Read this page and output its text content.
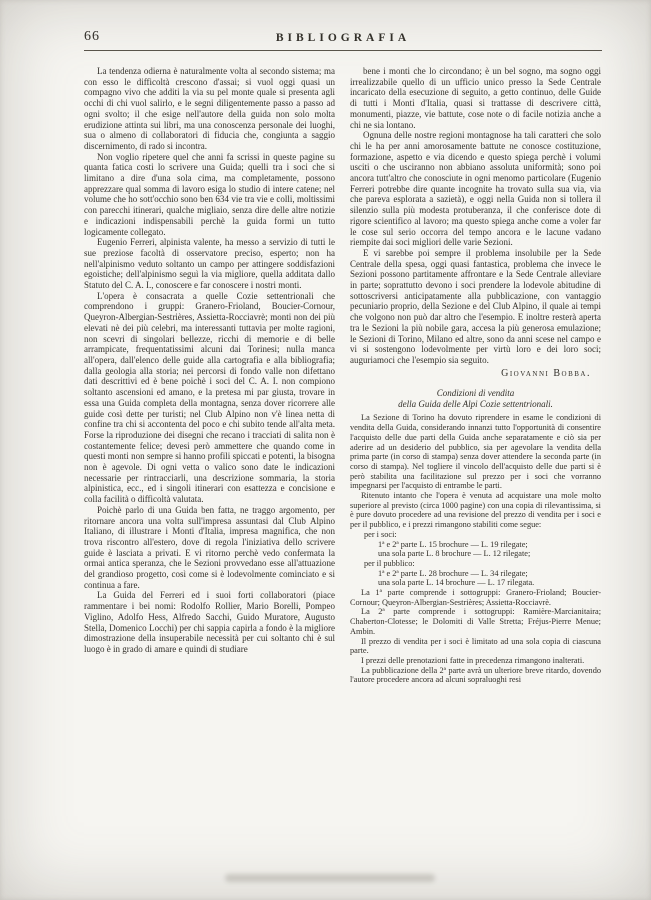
66	BIBLIOGRAFIA

La tendenza odierna è naturalmente volta al secondo sistema; ma con esso le difficoltà crescono d'assai; si vuol oggi quasi un compagno vivo che additi la via su pel monte quale si presenta agli occhi di chi vuol salirlo, e le segni diligentemente passo a passo ad ogni svolto; il che esige nell'autore della guida non solo molta erudizione attinta sui libri, ma una conoscenza personale dei luoghi, sua o almeno di collaboratori di fiducia che, congiunta a saggio discernimento, di rado si incontra.

Non voglio ripetere quel che anni fa scrissi in queste pagine su quanta fatica costi lo scrivere una Guida; quelli tra i soci che si limitano a dire d'una sola cima, ma completamente, possono apprezzare qual somma di lavoro esiga lo studio di intere catene; nel volume che ho sott'occhio sono ben 634 vie tra vie e colli, moltissimi con parecchi itinerari, qualche migliaio, senza dire delle altre notizie e indicazioni indispensabili perchè la guida formi un tutto logicamente collegato.

Eugenio Ferreri, alpinista valente, ha messo a servizio di tutti le sue preziose facoltà di osservatore preciso, esperto; non ha nell'alpinismo veduto soltanto un campo per attingere soddisfazioni egoistiche; dell'alpinismo seguì la via migliore, quella additata dallo Statuto del C. A. I., conoscere e far conoscere i nostri monti.

L'opera è consacrata a quelle Cozie settentrionali che comprendono i gruppi: Granero-Frioland, Boucier-Cornour, Queyron-Albergian-Sestrières, Assietta-Rocciavrè; monti non dei più elevati nè dei più celebri, ma interessanti tuttavia per molte ragioni, non scevri di singolari bellezze, ricchi di memorie e di belle arrampicate, frequentatissimi alcuni dai Torinesi; nulla manca all'opera, dall'elenco delle guide alla cartografia e alla bibliografia; dalla geologia alla storia; nei percorsi di fondo valle non difettano dati descrittivi ed è bene poichè i soci del C. A. I. non compiono soltanto ascensioni ed amano, e la pretesa mi par giusta, trovare in essa una Guida completa della montagna, senza dover ricorrere alle guide così dette per turisti; nel Club Alpino non v'è linea netta di confine tra chi si accontenta del poco e chi subito tende all'alta meta. Forse la riproduzione dei disegni che recano i tracciati di salita non è costantemente felice; devesi però ammettere che quando come in questi monti non sempre si hanno profili spiccati e potenti, la bisogna non è agevole. Di ogni vetta o valico sono date le indicazioni necessarie per rintracciarli, una descrizione sommaria, la storia alpinistica, ecc., ed i singoli itinerari con esattezza e concisione e colla facilità o difficoltà valutata.

Poichè parlo di una Guida ben fatta, ne traggo argomento, per ritornare ancora una volta sull'impresa assuntasi dal Club Alpino Italiano, di illustrare i Monti d'Italia, impresa magnifica, che non trova riscontro all'estero, dove di regola l'iniziativa dello scrivere guide è lasciata a privati. E vi ritorno perchè vedo confermata la ormai antica speranza, che le Sezioni provvedano esse all'attuazione del grandioso progetto, così come si è lodevolmente cominciato e si continua a fare.

La Guida del Ferreri ed i suoi forti collaboratori (piace rammentare i bei nomi: Rodolfo Rollier, Mario Borelli, Pompeo Viglino, Adolfo Hess, Alfredo Sacchi, Guido Muratore, Augusto Stella, Domenico Locchi) per chi sappia capirla a fondo è la migliore dimostrazione della insuperabile necessità per cui soltanto chi è sul luogo è in grado di amare e quindi di studiare

bene i monti che lo circondano; è un bel sogno, ma sogno oggi irrealizzabile quello di un ufficio unico presso la Sede Centrale incaricato della esecuzione di seguito, a getto continuo, delle Guide di tutti i Monti d'Italia, quasi si trattasse di descrivere città, monumenti, piazze, vie battute, cose note o di facile notizia anche a chi ne sia lontano.

Ognuna delle nostre regioni montagnose ha tali caratteri che solo chi le ha per anni amorosamente battute ne conosce costituzione, formazione, aspetto e via dicendo e questo spiega perchè i volumi usciti o che usciranno non abbiano assoluta uniformità; sono poi ancora tutt'altro che conosciute in ogni menomo particolare (Eugenio Ferreri potrebbe dire quante incognite ha trovato sulla sua via, via che pareva esplorata a sazietà), e oggi nella Guida non si tollera il silenzio sulla più modesta protuberanza, il che conferisce dote di rigore scientifico al lavoro; ma questo spiega anche come a voler far le cose sul serio occorra del tempo ancora e le lacune vadano riempite dai soci migliori delle varie Sezioni.

E vi sarebbe poi sempre il problema insolubile per la Sede Centrale della spesa, oggi quasi fantastica, problema che invece le Sezioni possono partitamente affrontare e la Sede Centrale alleviare in parte; soprattutto devono i soci prendere la lodevole abitudine di sottoscriversi anticipatamente alla pubblicazione, con vantaggio pecuniario proprio, della Sezione e del Club Alpino, il quale ai tempi che volgono non può dar altro che l'esempio. E inoltre resterà aperta tra le Sezioni la più nobile gara, accesa la più generosa emulazione; le Sezioni di Torino, Milano ed altre, sono da anni scese nel campo e vi si sostengono lodevolmente per virtù loro e dei loro soci; auguriamoci che l'esempio sia seguito.

Giovanni Bobba.
Condizioni di vendita
della Guida delle Alpi Cozie settentrionali.

La Sezione di Torino ha dovuto riprendere in esame le condizioni di vendita della Guida, considerando innanzi tutto l'opportunità di consentire l'acquisto delle due parti della Guida anche separatamente e ciò sia per aderire ad un desiderio del pubblico, sia per agevolare la vendita della prima parte (in corso di stampa) senza dover attendere la seconda parte (in corso di stampa). Nel togliere il vincolo dell'acquisto delle due parti si è però stabilita una facilitazione sul prezzo per i soci che vorranno impegnarsi per l'acquisto di entrambe le parti.

Ritenuto intanto che l'opera è venuta ad acquistare una mole molto superiore al previsto (circa 1000 pagine) con una copia di rilevantissima, si è pure dovuto procedere ad una revisione del prezzo di vendita per i soci e per il pubblico, e i prezzi rimangono stabiliti come segue:

per i soci:
1ª e 2ª parte L. 15 brochure — L. 19 rilegate;
una sola parte L. 8 brochure — L. 12 rilegate;
per il pubblico:
1ª e 2ª parte L. 28 brochure — L. 34 rilegate;
una sola parte L. 14 brochure — L. 17 rilegata.

La 1ª parte comprende i sottogruppi: Granero-Frioland; Boucier-Cornour; Queyron-Albergian-Sestrières; Assietta-Rocciavrè.

La 2ª parte comprende i sottogruppi: Ramière-Marcianitaira; Chaberton-Clotesse; le Dolomiti di Valle Stretta; Fréjus-Pierre Menue; Ambin.

Il prezzo di vendita per i soci è limitato ad una sola copia di ciascuna parte.

I prezzi delle prenotazioni fatte in precedenza rimangono inalterati.

La pubblicazione della 2ª parte avrà un ulteriore breve ritardo, dovendo l'autore procedere ancora ad alcuni sopraluoghi resi
